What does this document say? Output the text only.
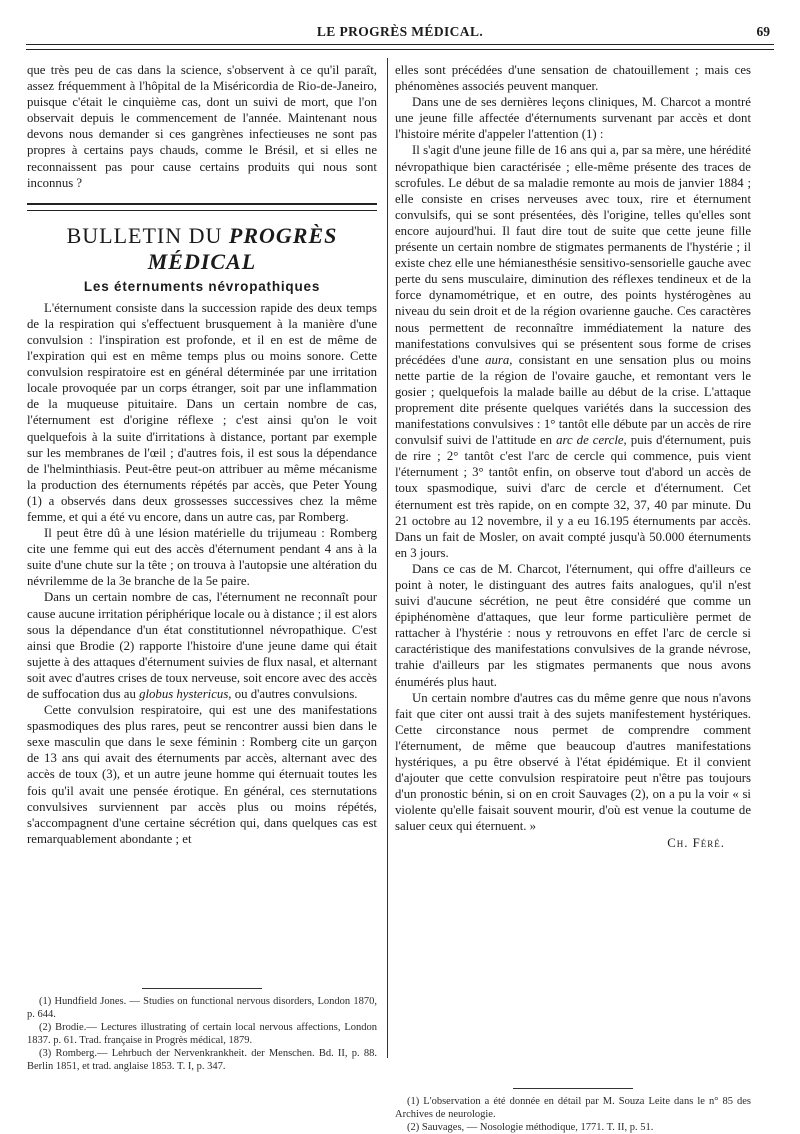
LE PROGRÈS MÉDICAL.	69

que très peu de cas dans la science, s'observent à ce qu'il paraît, assez fréquemment à l'hôpital de la Miséricordia de Rio-de-Janeiro, puisque c'était le cinquième cas, dont un suivi de mort, que l'on observait depuis le commencement de l'année. Maintenant nous devons nous demander si ces gangrènes infectieuses ne sont pas propres à certains pays chauds, comme le Brésil, et si elles ne reconnaissent pas pour cause certains produits qui nous sont inconnus ?

BULLETIN DU PROGRÈS MÉDICAL
Les éternuments névropathiques

L'éternument consiste dans la succession rapide des deux temps de la respiration qui s'effectuent brusquement à la manière d'une convulsion : l'inspiration est profonde, et il en est de même de l'expiration qui est en même temps plus ou moins sonore. Cette convulsion respiratoire est en général déterminée par une irritation locale provoquée par un corps étranger, soit par une inflammation de la muqueuse pituitaire. Dans un certain nombre de cas, l'éternument est d'origine réflexe ; c'est ainsi qu'on le voit quelquefois à la suite d'irritations à distance, portant par exemple sur les membranes de l'œil ; d'autres fois, il est sous la dépendance de l'helminthiasis. Peut-être peut-on attribuer au même mécanisme la production des éternuments répétés par accès, que Peter Young (1) a observés dans deux grossesses successives chez la même femme, et qui a été vu encore, dans un autre cas, par Romberg.

Il peut être dû à une lésion matérielle du trijumeau : Romberg cite une femme qui eut des accès d'éternument pendant 4 ans à la suite d'une chute sur la tête ; on trouva à l'autopsie une altération du névrilemme de la 3e branche de la 5e paire.

Dans un certain nombre de cas, l'éternument ne reconnaît pour cause aucune irritation périphérique locale ou à distance ; il est alors sous la dépendance d'un état constitutionnel névropathique. C'est ainsi que Brodie (2) rapporte l'histoire d'une jeune dame qui était sujette à des attaques d'éternument suivies de flux nasal, et alternant soit avec d'autres crises de toux nerveuse, soit encore avec des accès de suffocation dus au globus hystericus, ou d'autres convulsions.

Cette convulsion respiratoire, qui est une des manifestations spasmodiques des plus rares, peut se rencontrer aussi bien dans le sexe masculin que dans le sexe féminin : Romberg cite un garçon de 13 ans qui avait des éternuments par accès, alternant avec des accès de toux (3), et un autre jeune homme qui éternuait toutes les fois qu'il avait une pensée érotique. En général, ces sternutations convulsives surviennent par accès plus ou moins répétés, s'accompagnent d'une certaine sécrétion qui, dans quelques cas est remarquablement abondante ; et

(1) Hundfield Jones. — Studies on functional nervous disorders, London 1870, p. 644.

(2) Brodie.— Lectures illustrating of certain local nervous affections, London 1837. p. 61. Trad. française in Progrès médical, 1879.

(3) Romberg.— Lehrbuch der Nervenkrankheit. der Menschen. Bd. II, p. 88. Berlin 1851, et trad. anglaise 1853. T. I, p. 347.

elles sont précédées d'une sensation de chatouillement ; mais ces phénomènes associés peuvent manquer.

Dans une de ses dernières leçons cliniques, M. Charcot a montré une jeune fille affectée d'éternuments survenant par accès et dont l'histoire mérite d'appeler l'attention (1) :

Il s'agit d'une jeune fille de 16 ans qui a, par sa mère, une hérédité névropathique bien caractérisée ; elle-même présente des traces de scrofules. Le début de sa maladie remonte au mois de janvier 1884 ; elle consiste en crises nerveuses avec toux, rire et éternument convulsifs, qui se sont présentées, dès l'origine, telles qu'elles sont encore aujourd'hui. Il faut dire tout de suite que cette jeune fille présente un certain nombre de stigmates permanents de l'hystérie ; il existe chez elle une hémianesthésie sensitivo-sensorielle gauche avec perte du sens musculaire, diminution des réflexes tendineux et de la force dynamométrique, et en outre, des points hystérogènes au niveau du sein droit et de la région ovarienne gauche. Ces caractères nous permettent de reconnaître immédiatement la nature des manifestations convulsives qui se présentent sous forme de crises précédées d'une aura, consistant en une sensation plus ou moins nette partie de la région de l'ovaire gauche, et remontant vers le gosier ; quelquefois la malade baille au début de la crise. L'attaque proprement dite présente quelques variétés dans la succession des manifestations convulsives : 1° tantôt elle débute par un accès de rire convulsif suivi de l'attitude en arc de cercle, puis d'éternument, puis de rire ; 2° tantôt c'est l'arc de cercle qui commence, puis vient l'éternument ; 3° tantôt enfin, on observe tout d'abord un accès de toux spasmodique, suivi d'arc de cercle et d'éternument. Cet éternument est très rapide, on en compte 32, 37, 40 par minute. Du 21 octobre au 12 novembre, il y a eu 16.195 éternuments par accès. Dans un fait de Mosler, on avait compté jusqu'à 50.000 éternuments en 3 jours.

Dans ce cas de M. Charcot, l'éternument, qui offre d'ailleurs ce point à noter, le distinguant des autres faits analogues, qu'il n'est suivi d'aucune sécrétion, ne peut être considéré que comme un épiphénomène d'attaques, que leur forme particulière permet de rattacher à l'hystérie : nous y retrouvons en effet l'arc de cercle si caractéristique des manifestations convulsives de la grande névrose, trahie d'ailleurs par les stigmates permanents que nous avons énumérés plus haut.

Un certain nombre d'autres cas du même genre que nous n'avons fait que citer ont aussi trait à des sujets manifestement hystériques. Cette circonstance nous permet de comprendre comment l'éternument, de même que beaucoup d'autres manifestations hystériques, a pu être observé à l'état épidémique. Et il convient d'ajouter que cette convulsion respiratoire peut n'être pas toujours d'un pronostic bénin, si on en croit Sauvages (2), on a pu la voir « si violente qu'elle faisait souvent mourir, d'où est venue la coutume de saluer ceux qui éternuent. »

Ch. Féré.

(1) L'observation a été donnée en détail par M. Souza Leite dans le n° 85 des Archives de neurologie.

(2) Sauvages, — Nosologie méthodique, 1771. T. II, p. 51.
